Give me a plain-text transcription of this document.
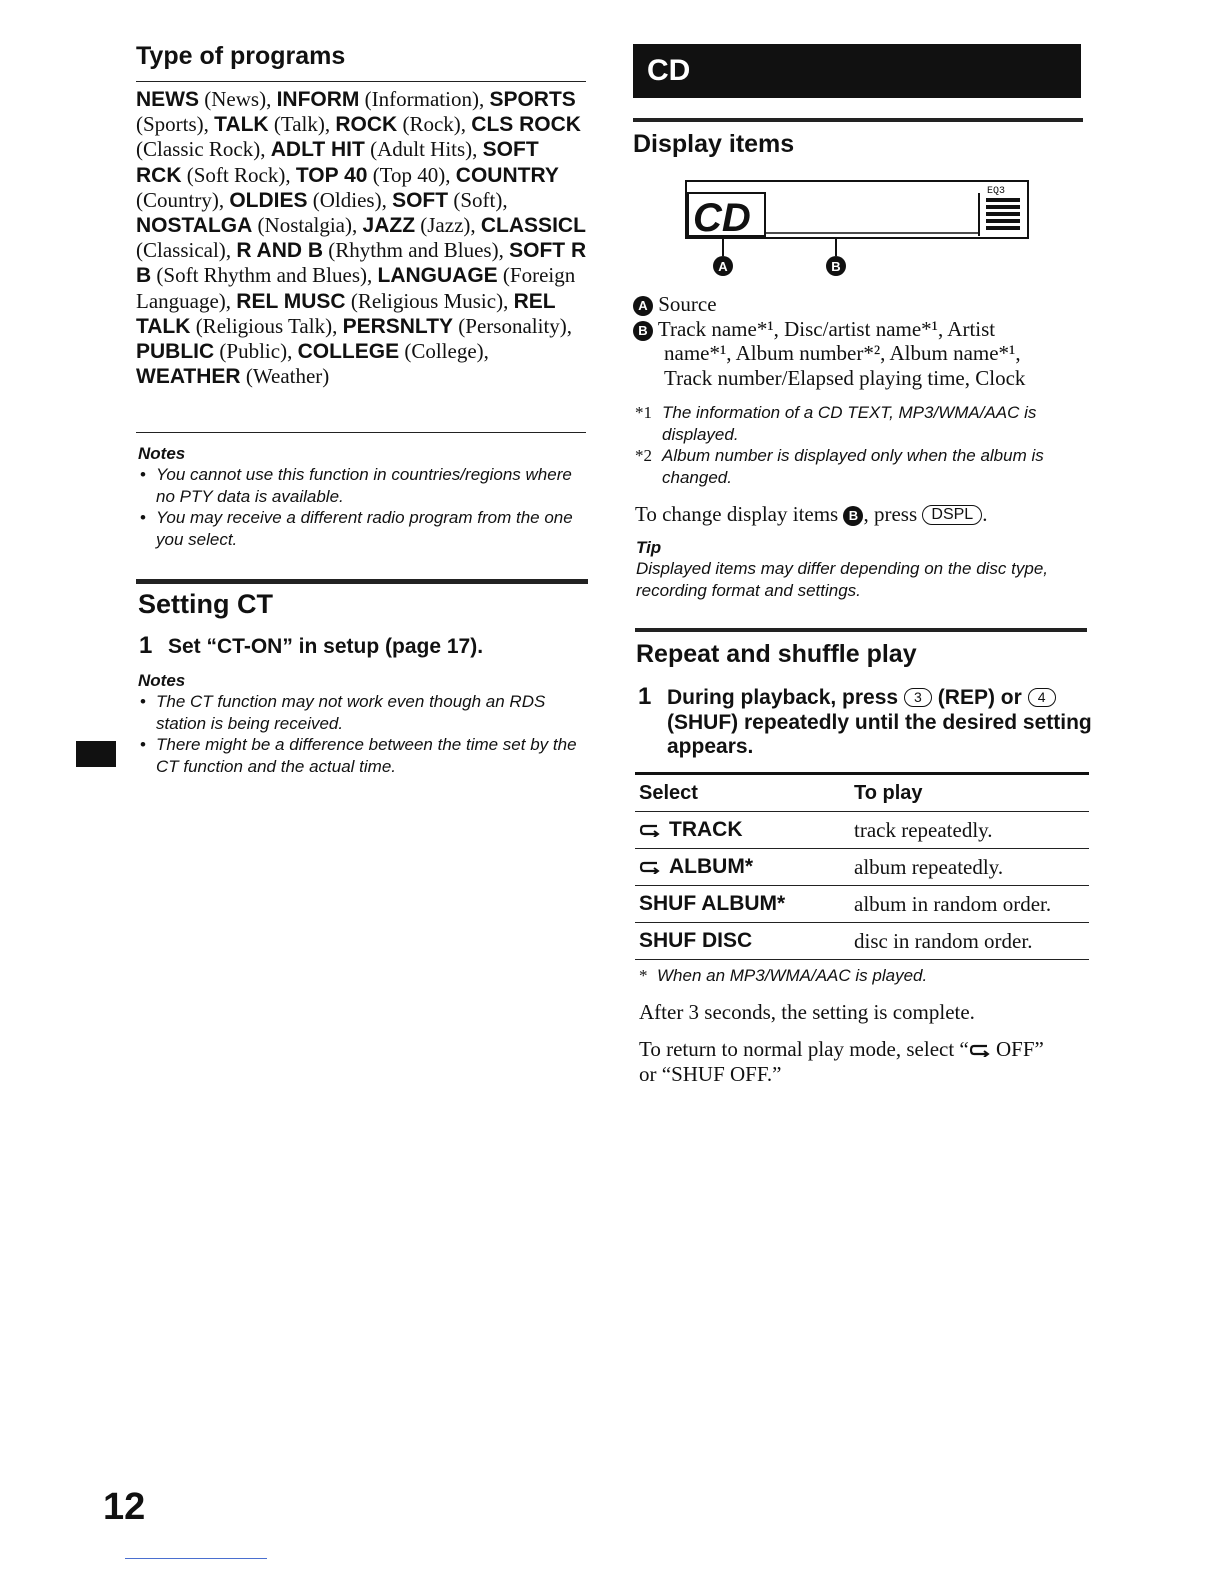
Type of programs
NEWS (News), INFORM (Information), SPORTS (Sports), TALK (Talk), ROCK (Rock), CLS ROCK (Classic Rock), ADLT HIT (Adult Hits), SOFT RCK (Soft Rock), TOP 40 (Top 40), COUNTRY (Country), OLDIES (Oldies), SOFT (Soft), NOSTALGA (Nostalgia), JAZZ (Jazz), CLASSICL (Classical), R AND B (Rhythm and Blues), SOFT R B (Soft Rhythm and Blues), LANGUAGE (Foreign Language), REL MUSC (Religious Music), REL TALK (Religious Talk), PERSNLTY (Personality), PUBLIC (Public), COLLEGE (College), WEATHER (Weather)
Notes
• You cannot use this function in countries/regions where no PTY data is available.
• You may receive a different radio program from the one you select.
Setting CT
1 Set “CT-ON” in setup (page 17).
Notes
• The CT function may not work even though an RDS station is being received.
• There might be a difference between the time set by the CT function and the actual time.
CD
Display items
CD
EQ3
A	B
A Source
B Track name*¹, Disc/artist name*¹, Artist
name*¹, Album number*², Album name*¹,
Track number/Elapsed playing time, Clock
*1 The information of a CD TEXT, MP3/WMA/AAC is displayed.
*2 Album number is displayed only when the album is changed.
To change display items B , press DSPL .
Tip
Displayed items may differ depending on the disc type, recording format and settings.
Repeat and shuffle play
1 During playback, press 3 (REP) or 4 (SHUF) repeatedly until the desired setting appears.
Select	To play
TRACK	track repeatedly.
ALBUM*	album repeatedly.
SHUF ALBUM*	album in random order.
SHUF DISC	disc in random order.
* When an MP3/WMA/AAC is played.
After 3 seconds, the setting is complete.
To return to normal play mode, select “ OFF”
or “SHUF OFF.”
12
